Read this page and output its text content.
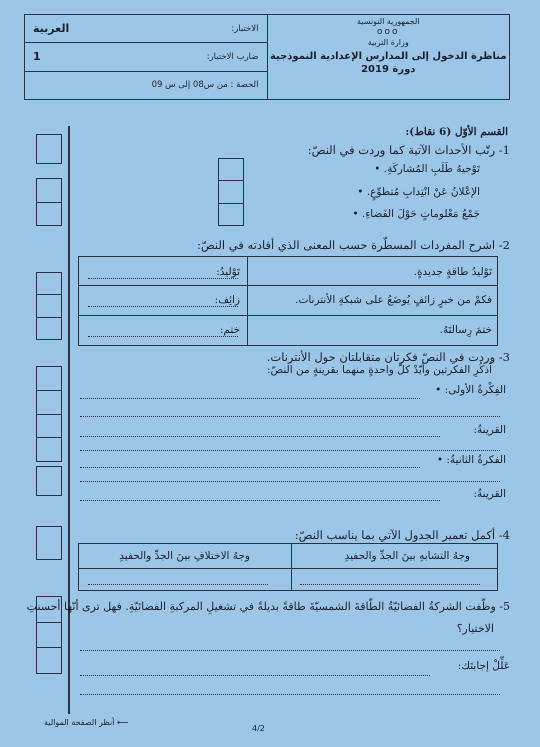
الجمهورية التونسية
ooo
وزارة التربية
مناظرة الدخول إلى المدارس الإعدادية النموذجية
دورة 2019
الاختبار:
العربية
ضارب الاختبار:
1
الحصة : من س08 إلى س 09
القسم الأوّل (6 نقاط):
1- رتّب الأحداث الآتية كما وردت في النصّ:
تَوْجيهُ طَلَبِ المُشاركَةِ. •
الإعْلانُ عَنْ انْتِدابِ مُتطوِّعٍ. •
جَمْعُ مَعْلوماتٍ حَوْلَ الفَضاءِ. •
2- اشرح المفردات المسطّرة حسب المعنى الذي أفادته في النصّ:
تَوْليدُ طاقةٍ جديدةٍ.
فكمْ من خبرٍ زائفٍ يُوضَعُ على شبكةِ الأنترنات.
ختمَ رِسالتَهُ.
تَوْليدُ:
زائِف:
ختم:
3- وردت في النصّ فكرتان متقابلتان حول الأنترنات.
اُذكُرِ الفكرتين وأيّدْ كلّ واحدةٍ منهما بقرينةٍ من النصّ:
الفِكْرةُ الأولى: •
القرينةُ:
الفكرةُ الثانيةُ: •
القرينةُ:
4- أكمل تعمير الجدول الآتي بما يناسب النصّ:
وجهُ التشابهِ بينَ الجدِّ والحفيدِ
وجهُ الاختلافِ بينَ الجدِّ والحفيدِ
5- وظّفت الشركةُ الفضائيّةُ الطّاقةَ الشمسيّةَ طاقةً بديلةً في تشغيلِ المركبةِ الفضائيّةِ. فهل ترى أنّها أحسنتِ
الاختيار؟
عَلِّلْ إجابتَك:
⟵ أنظر الصفحة الموالية
4/2
